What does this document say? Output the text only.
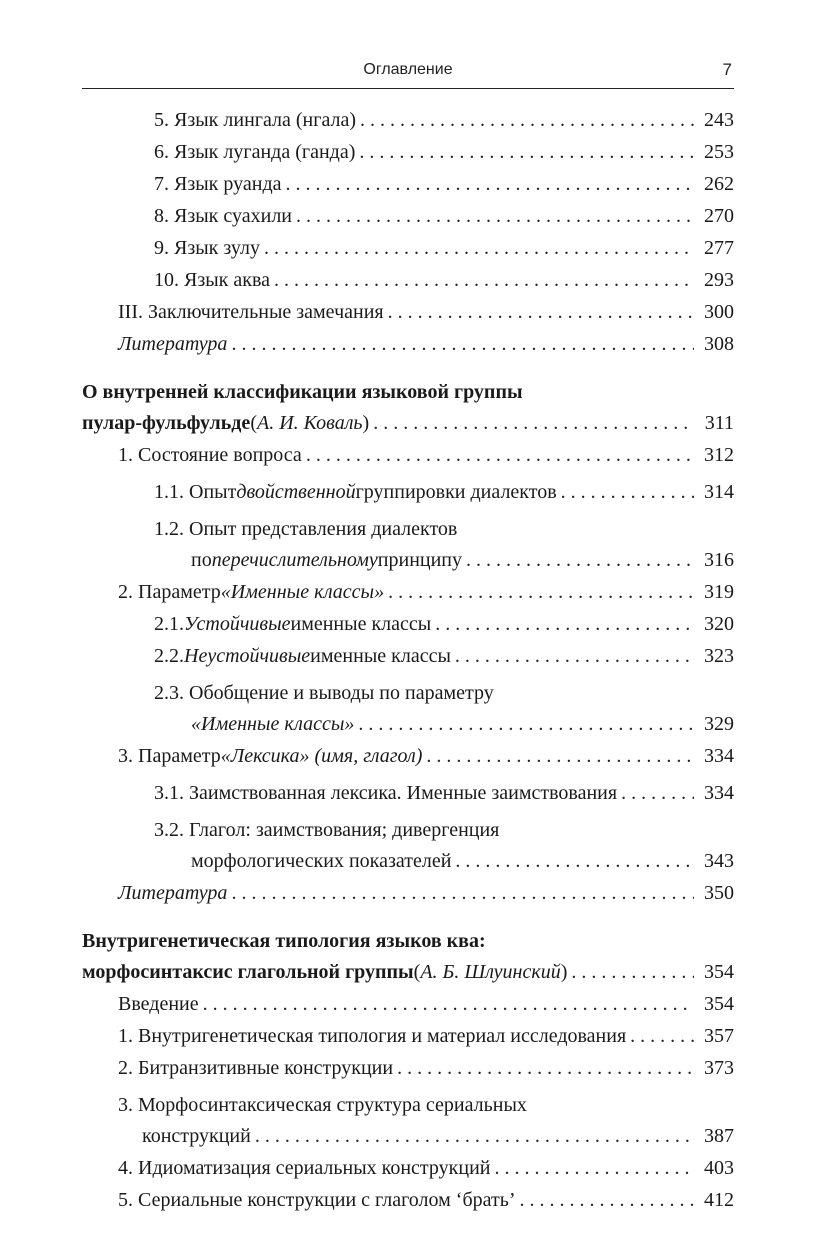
Оглавление	7
5. Язык лингала (нгала) . . .	243
6. Язык луганда (ганда) . . .	253
7. Язык руанда . . .	262
8. Язык суахили . . .	270
9. Язык зулу . . .	277
10. Язык аква . . .	293
III. Заключительные замечания . . .	300
Литература . . .	308
О внутренней классификации языковой группы
пулар-фульфульде ( А. И. Коваль ) . . .	311
1. Состояние вопроса . . .	312
1.1. Опыт двойственной группировки диалектов . . .	314
1.2. Опыт представления диалектов
по перечислительному принципу . . .	316
2. Параметр «Именные классы» . . .	319
2.1. Устойчивые именные классы . . .	320
2.2. Неустойчивые именные классы . . .	323
2.3. Обобщение и выводы по параметру
«Именные классы» . . .	329
3. Параметр «Лексика» (имя, глагол) . . .	334
3.1. Заимствованная лексика. Именные заимствования . . .	334
3.2. Глагол: заимствования; дивергенция
морфологических показателей . . .	343
Литература . . .	350
Внутригенетическая типология языков ква:
морфосинтаксис глагольной группы ( А. Б. Шлуинский ) . . .	354
Введение . . .	354
1. Внутригенетическая типология и материал исследования . . .	357
2. Битранзитивные конструкции . . .	373
3. Морфосинтаксическая структура сериальных
конструкций . . .	387
4. Идиоматизация сериальных конструкций . . .	403
5. Сериальные конструкции с глаголом ‘брать’ . . .	412
